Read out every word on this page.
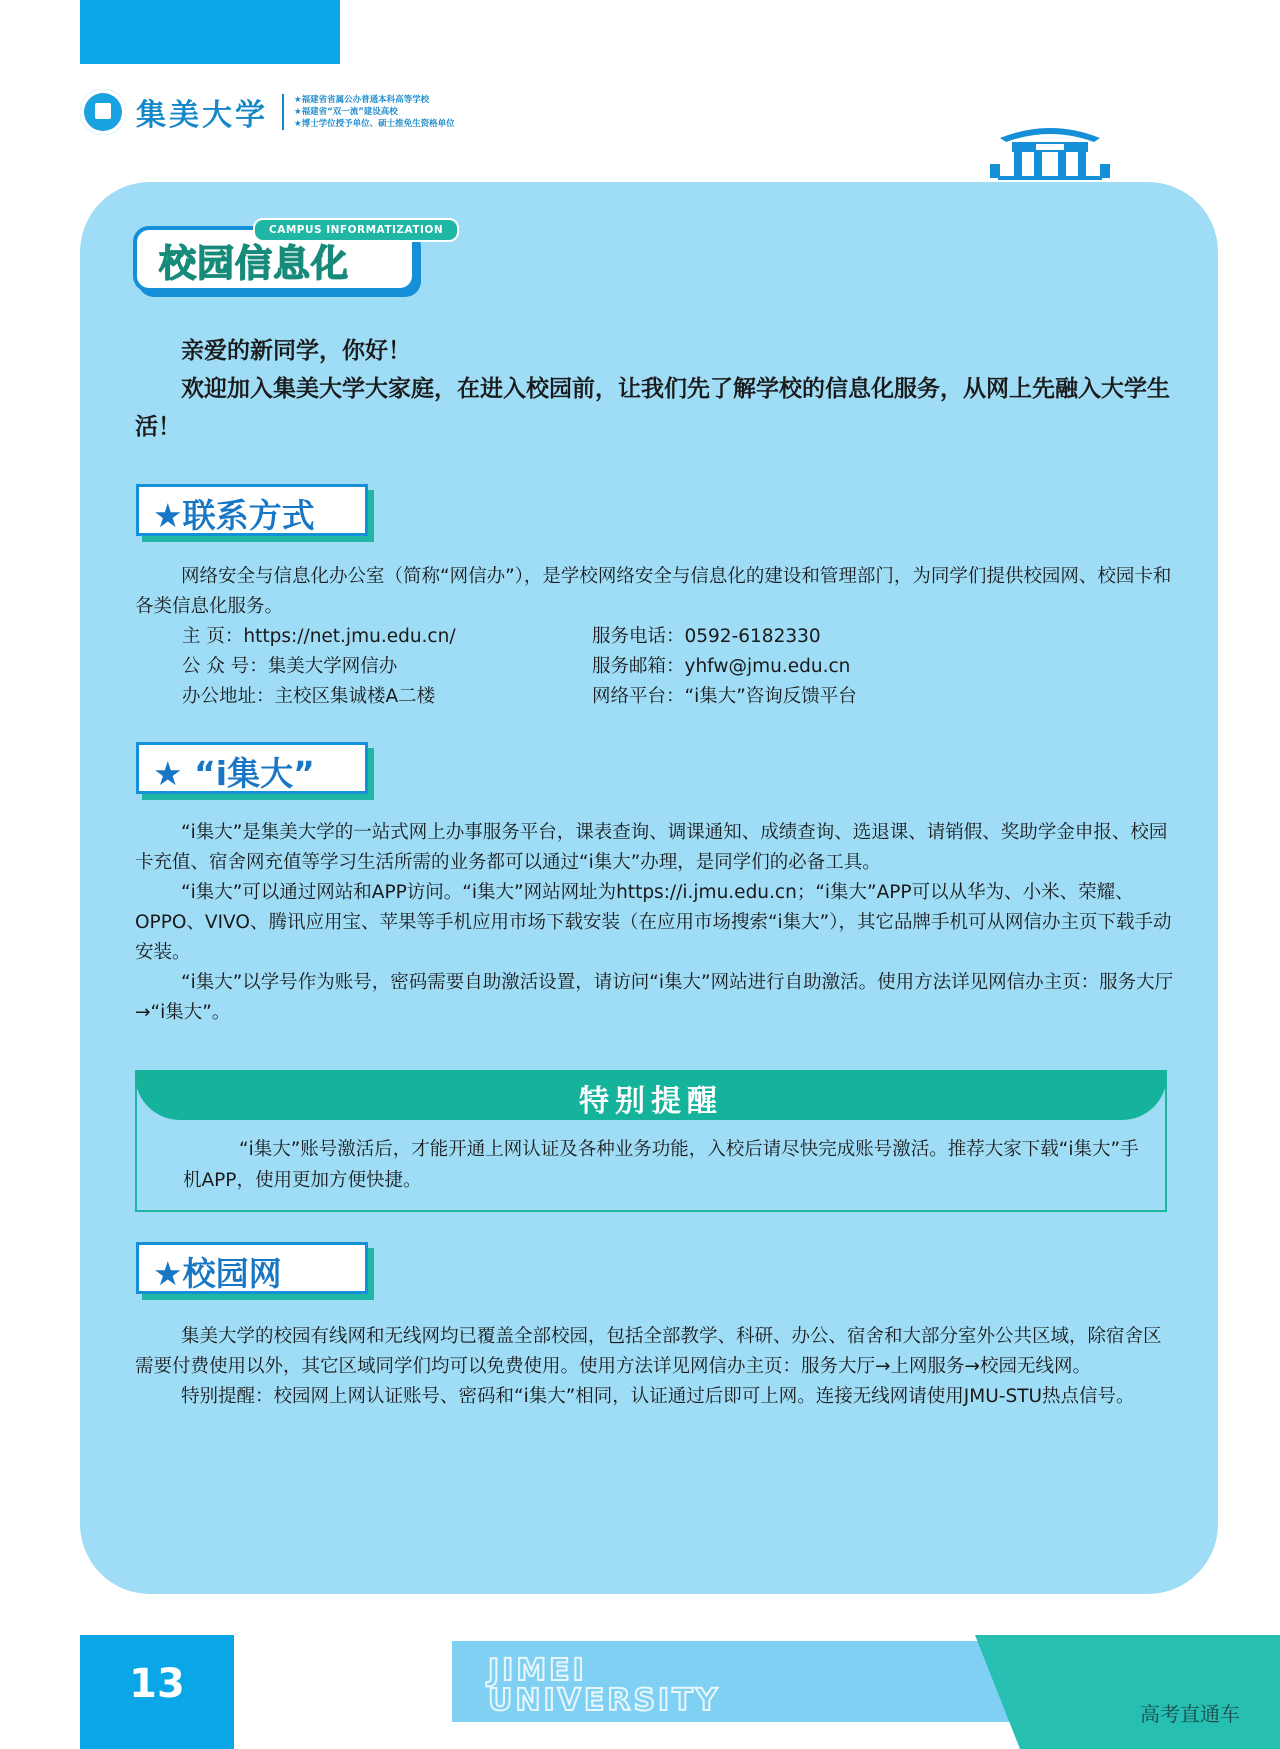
集美大学	★福建省省属公办普通本科高等学校
★福建省“双一流”建设高校
★博士学位授予单位、硕士推免生资格单位
CAMPUS INFORMATIZATION
校园信息化

亲爱的新同学，你好！

欢迎加入集美大学大家庭，在进入校园前，让我们先了解学校的信息化服务，从网上先融入大学生活！

★联系方式

网络安全与信息化办公室（简称“网信办”），是学校网络安全与信息化的建设和管理部门，为同学们提供校园网、校园卡和各类信息化服务。

主 页：https://net.jmu.edu.cn/	服务电话：0592-6182330
公 众 号：集美大学网信办	服务邮箱：yhfw@jmu.edu.cn
办公地址：主校区集诚楼A二楼	网络平台：“i集大”咨询反馈平台
★ “i集大”

“i集大”是集美大学的一站式网上办事服务平台，课表查询、调课通知、成绩查询、选退课、请销假、奖助学金申报、校园卡充值、宿舍网充值等学习生活所需的业务都可以通过“i集大”办理，是同学们的必备工具。

“i集大”可以通过网站和APP访问。“i集大”网站网址为https://i.jmu.edu.cn；“i集大”APP可以从华为、小米、荣耀、OPPO、VIVO、腾讯应用宝、苹果等手机应用市场下载安装（在应用市场搜索“i集大”），其它品牌手机可从网信办主页下载手动安装。

“i集大”以学号作为账号，密码需要自助激活设置，请访问“i集大”网站进行自助激活。使用方法详见网信办主页：服务大厅→“i集大”。

特别提醒

“i集大”账号激活后，才能开通上网认证及各种业务功能，入校后请尽快完成账号激活。推荐大家下载“i集大”手机APP，使用更加方便快捷。

★校园网

集美大学的校园有线网和无线网均已覆盖全部校园，包括全部教学、科研、办公、宿舍和大部分室外公共区域，除宿舍区需要付费使用以外，其它区域同学们均可以免费使用。使用方法详见网信办主页：服务大厅→上网服务→校园无线网。

特别提醒：校园网上网认证账号、密码和“i集大”相同，认证通过后即可上网。连接无线网请使用JMU-STU热点信号。

13	JIMEI
UNIVERSITY	高考直通车
